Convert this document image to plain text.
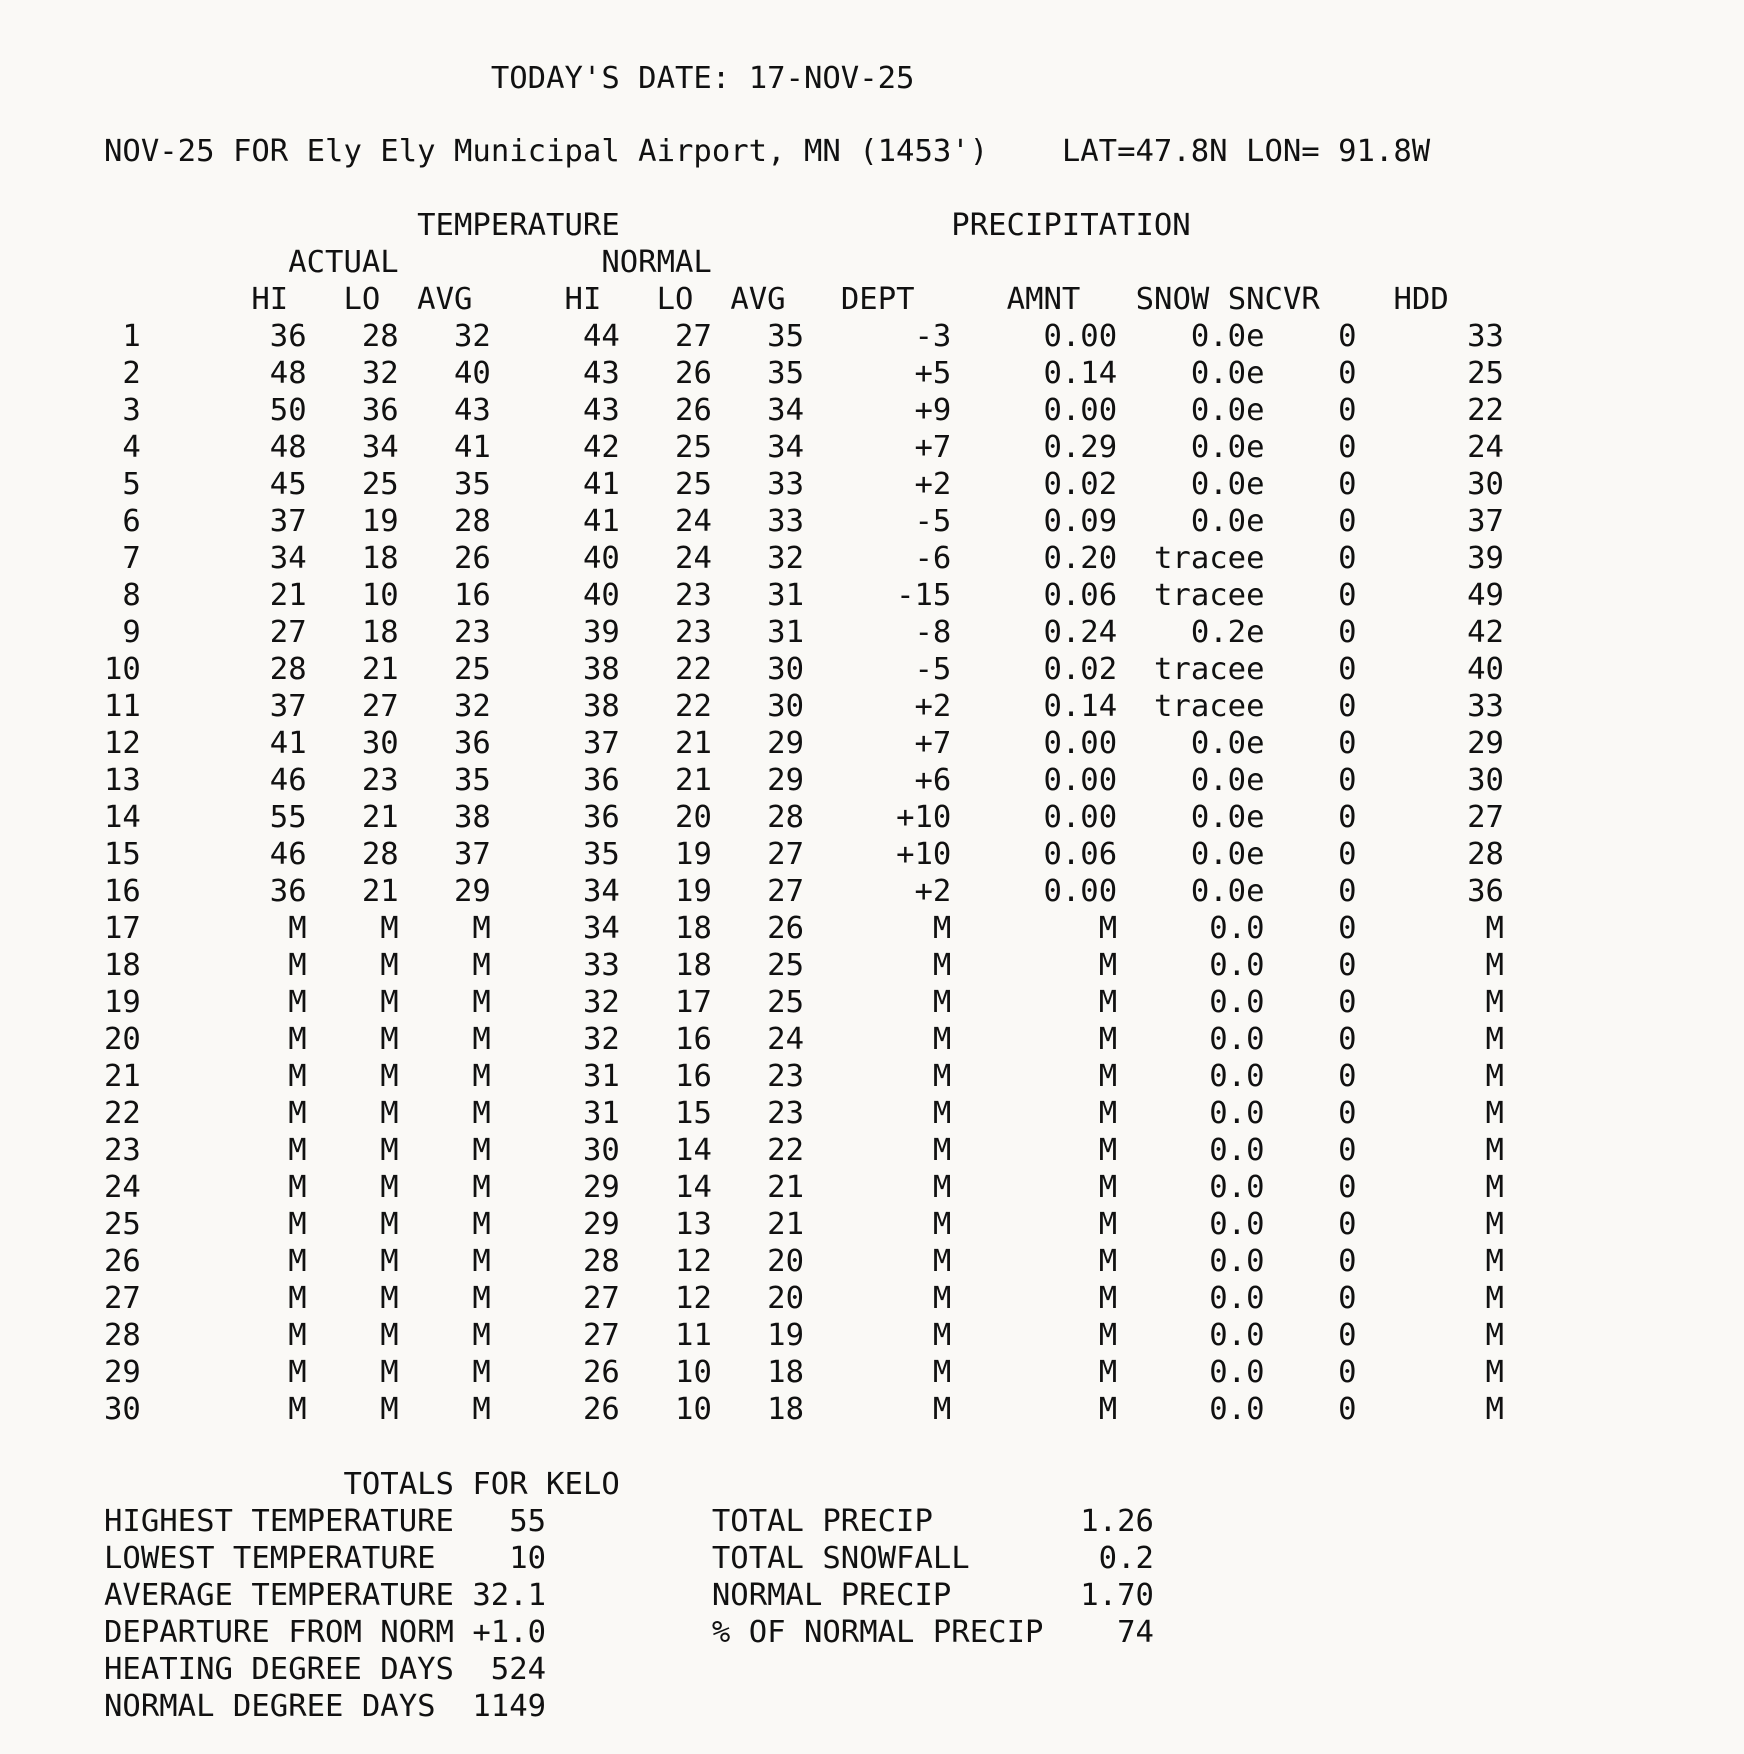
TODAY'S DATE: 17-NOV-25
NOV-25 FOR Ely Ely Municipal Airport, MN (1453') LAT=47.8N LON= 91.8W
TEMPERATURE	PRECIPITATION
ACTUAL	NORMAL
HI LO AVG	HI LO AVG DEPT	AMNT SNOW SNCVR HDD
1       36   28   32     44   27   35      -3     0.00    0.0e    0      33
2       48   32   40     43   26   35      +5     0.14    0.0e    0      25
3       50   36   43     43   26   34      +9     0.00    0.0e    0      22
4       48   34   41     42   25   34      +7     0.29    0.0e    0      24
5       45   25   35     41   25   33      +2     0.02    0.0e    0      30
6       37   19   28     41   24   33      -5     0.09    0.0e    0      37
7       34   18   26     40   24   32      -6     0.20  tracee    0      39
8       21   10   16     40   23   31     -15     0.06  tracee    0      49
9       27   18   23     39   23   31      -8     0.24    0.2e    0      42
10       28   21   25     38   22   30      -5     0.02  tracee    0      40
11       37   27   32     38   22   30      +2     0.14  tracee    0      33
12       41   30   36     37   21   29      +7     0.00    0.0e    0      29
13       46   23   35     36   21   29      +6     0.00    0.0e    0      30
14       55   21   38     36   20   28     +10     0.00    0.0e    0      27
15       46   28   37     35   19   27     +10     0.06    0.0e    0      28
16       36   21   29     34   19   27      +2     0.00    0.0e    0      36
17        M    M    M     34   18   26       M        M     0.0    0       M
18        M    M    M     33   18   25       M        M     0.0    0       M
19        M    M    M     32   17   25       M        M     0.0    0       M
20        M    M    M     32   16   24       M        M     0.0    0       M
21        M    M    M     31   16   23       M        M     0.0    0       M
22        M    M    M     31   15   23       M        M     0.0    0       M
23        M    M    M     30   14   22       M        M     0.0    0       M
24        M    M    M     29   14   21       M        M     0.0    0       M
25        M    M    M     29   13   21       M        M     0.0    0       M
26        M    M    M     28   12   20       M        M     0.0    0       M
27        M    M    M     27   12   20       M        M     0.0    0       M
28        M    M    M     27   11   19       M        M     0.0    0       M
29        M    M    M     26   10   18       M        M     0.0    0       M
30        M    M    M     26   10   18       M        M     0.0    0       M
TOTALS FOR KELO
HIGHEST TEMPERATURE   55	TOTAL PRECIP        1.26
LOWEST TEMPERATURE    10	TOTAL SNOWFALL       0.2
AVERAGE TEMPERATURE 32.1	NORMAL PRECIP       1.70
DEPARTURE FROM NORM +1.0	% OF NORMAL PRECIP    74
HEATING DEGREE DAYS  524
NORMAL DEGREE DAYS  1149
